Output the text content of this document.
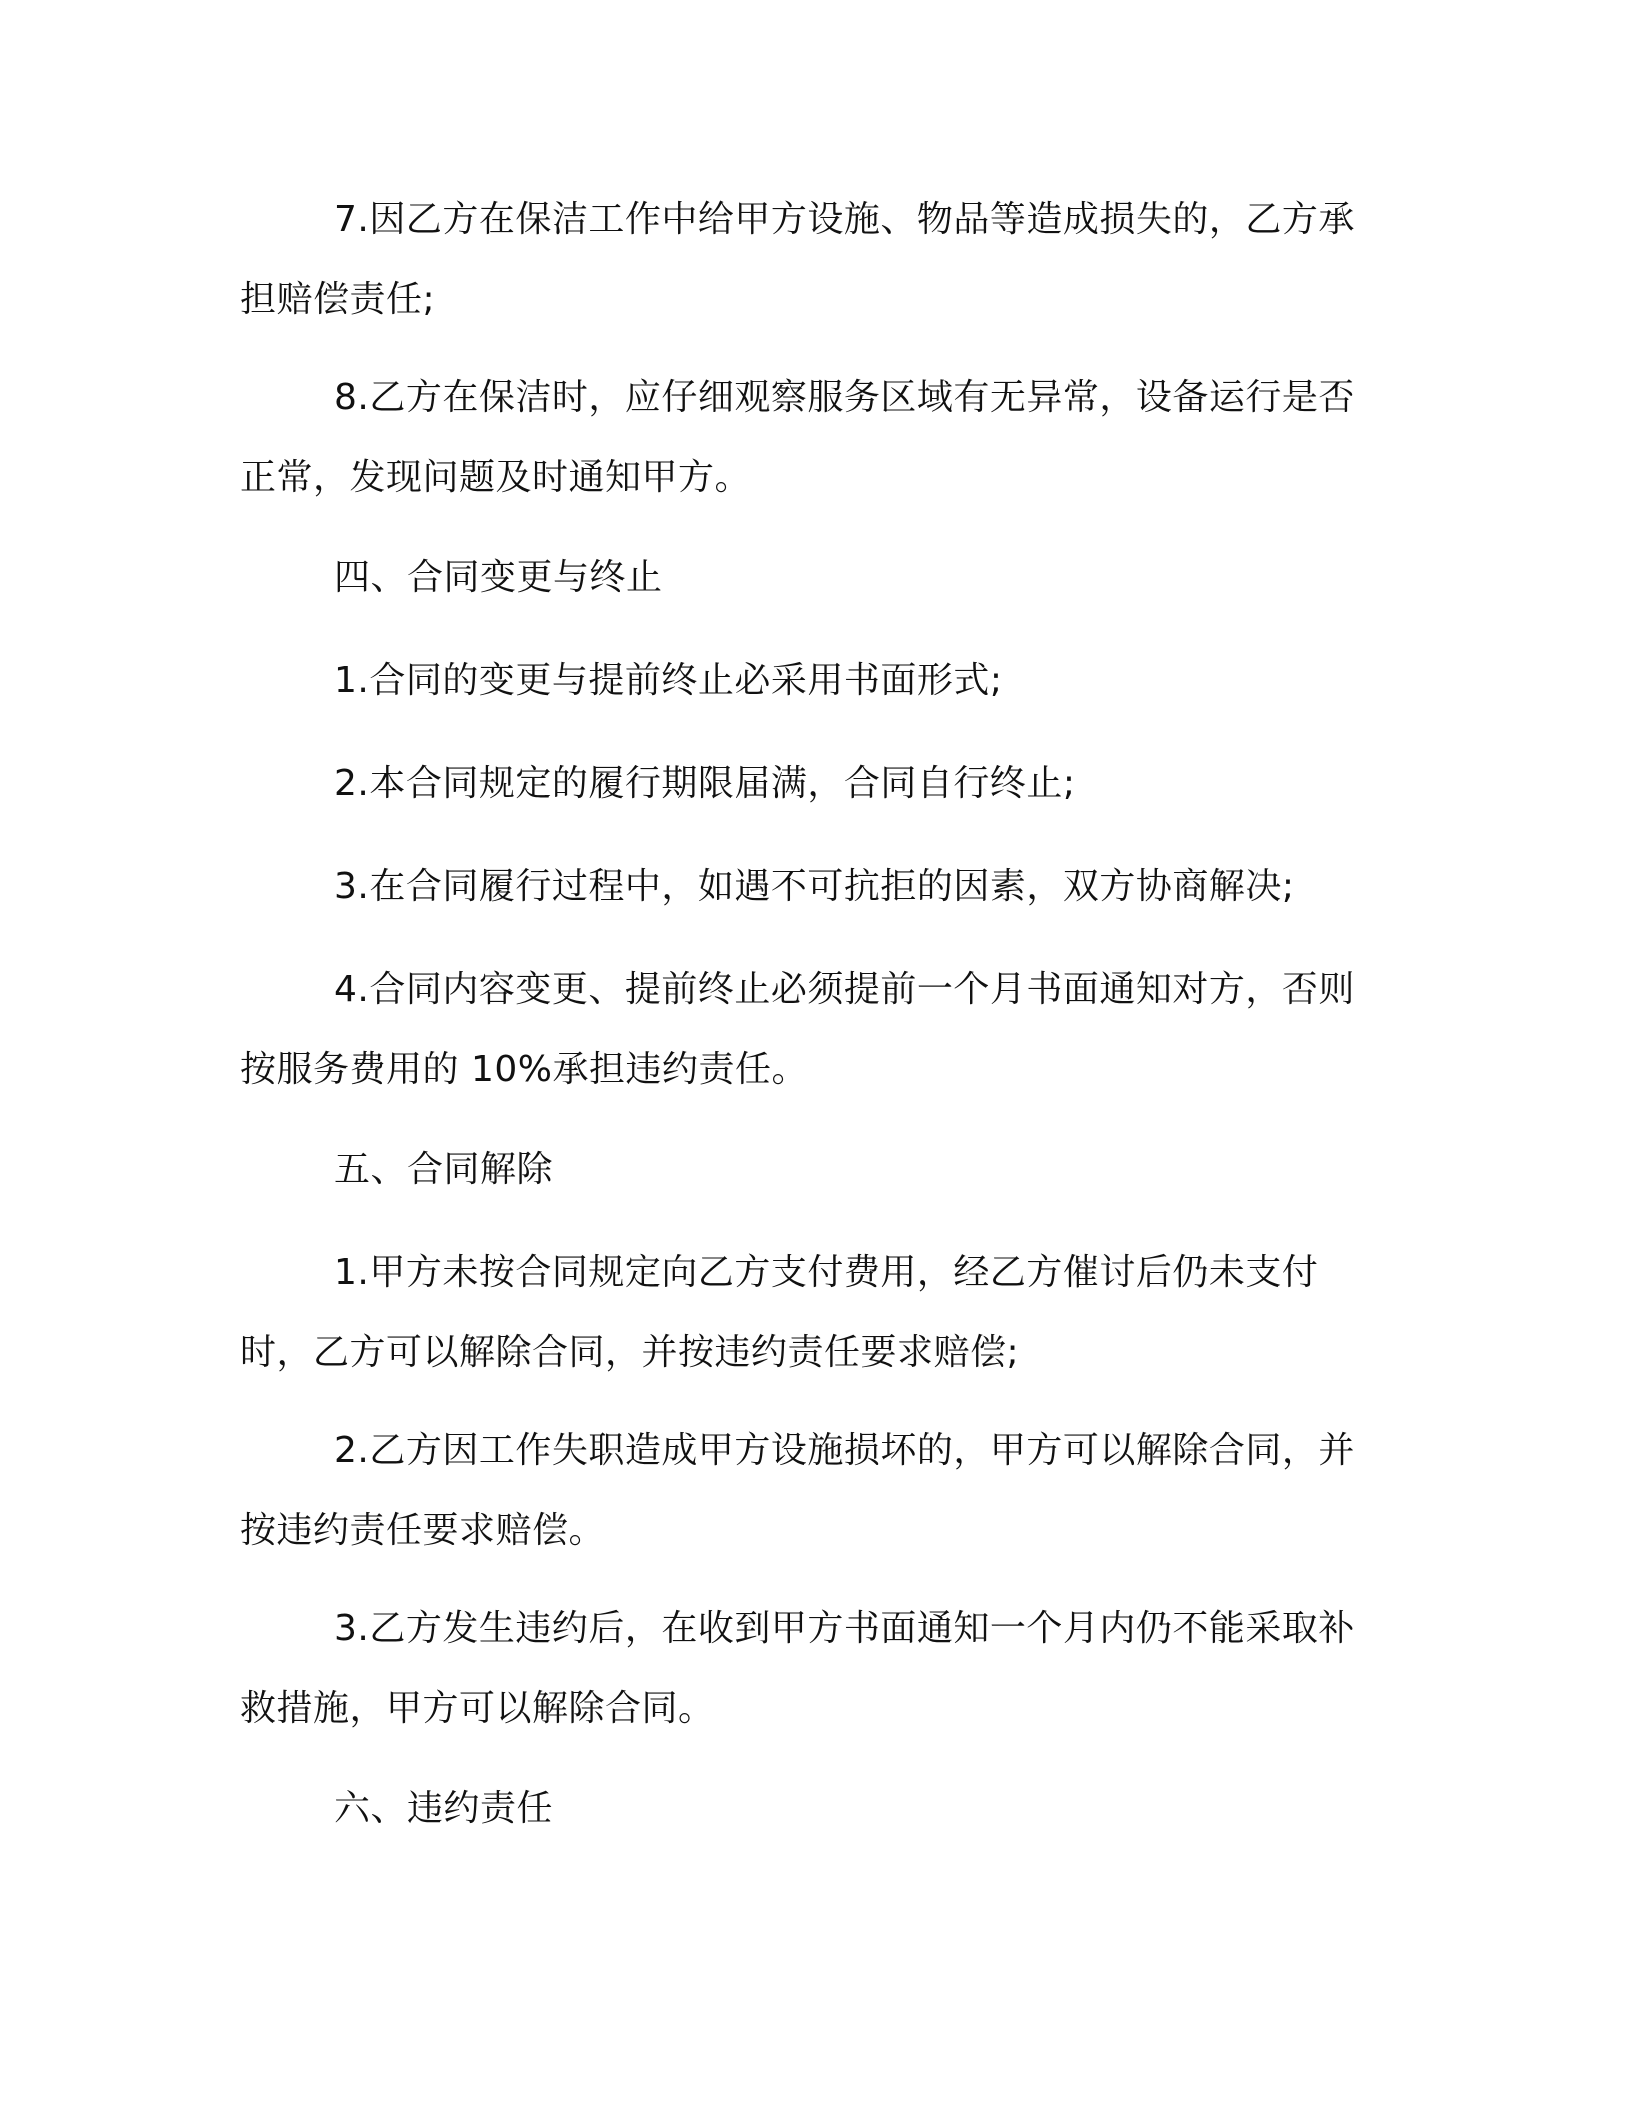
7.因乙方在保洁工作中给甲方设施、物品等造成损失的，乙方承担赔偿责任;

8.乙方在保洁时，应仔细观察服务区域有无异常，设备运行是否正常，发现问题及时通知甲方。

四、合同变更与终止

1.合同的变更与提前终止必采用书面形式;

2.本合同规定的履行期限届满，合同自行终止;

3.在合同履行过程中，如遇不可抗拒的因素，双方协商解决;

4.合同内容变更、提前终止必须提前一个月书面通知对方，否则按服务费用的 10%承担违约责任。

五、合同解除

1.甲方未按合同规定向乙方支付费用，经乙方催讨后仍未支付时，乙方可以解除合同，并按违约责任要求赔偿;

2.乙方因工作失职造成甲方设施损坏的，甲方可以解除合同，并按违约责任要求赔偿。

3.乙方发生违约后，在收到甲方书面通知一个月内仍不能采取补救措施，甲方可以解除合同。

六、违约责任
